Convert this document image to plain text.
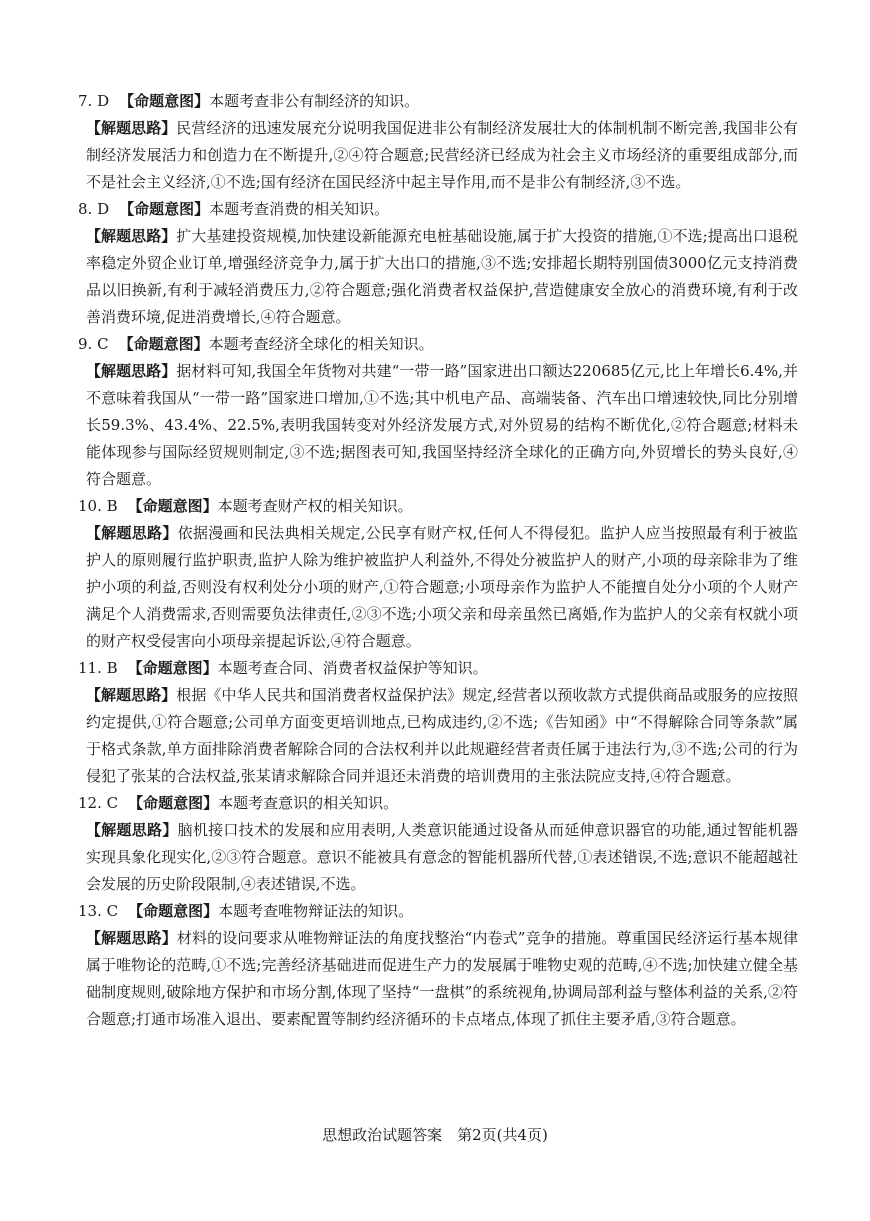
7. D 【命题意图】本题考查非公有制经济的知识。
【解题思路】民营经济的迅速发展充分说明我国促进非公有制经济发展壮大的体制机制不断完善,我国非公有制经济发展活力和创造力在不断提升,②④符合题意;民营经济已经成为社会主义市场经济的重要组成部分,而不是社会主义经济,①不选;国有经济在国民经济中起主导作用,而不是非公有制经济,③不选。
8. D 【命题意图】本题考查消费的相关知识。
【解题思路】扩大基建投资规模,加快建设新能源充电桩基础设施,属于扩大投资的措施,①不选;提高出口退税率稳定外贸企业订单,增强经济竞争力,属于扩大出口的措施,③不选;安排超长期特别国债3000亿元支持消费品以旧换新,有利于减轻消费压力,②符合题意;强化消费者权益保护,营造健康安全放心的消费环境,有利于改善消费环境,促进消费增长,④符合题意。
9. C 【命题意图】本题考查经济全球化的相关知识。
【解题思路】据材料可知,我国全年货物对共建“一带一路”国家进出口额达220685亿元,比上年增长6.4%,并不意味着我国从“一带一路”国家进口增加,①不选;其中机电产品、高端装备、汽车出口增速较快,同比分别增长59.3%、43.4%、22.5%,表明我国转变对外经济发展方式,对外贸易的结构不断优化,②符合题意;材料未能体现参与国际经贸规则制定,③不选;据图表可知,我国坚持经济全球化的正确方向,外贸增长的势头良好,④符合题意。
10. B 【命题意图】本题考查财产权的相关知识。
【解题思路】依据漫画和民法典相关规定,公民享有财产权,任何人不得侵犯。监护人应当按照最有利于被监护人的原则履行监护职责,监护人除为维护被监护人利益外,不得处分被监护人的财产,小项的母亲除非为了维护小项的利益,否则没有权利处分小项的财产,①符合题意;小项母亲作为监护人不能擅自处分小项的个人财产满足个人消费需求,否则需要负法律责任,②③不选;小项父亲和母亲虽然已离婚,作为监护人的父亲有权就小项的财产权受侵害向小项母亲提起诉讼,④符合题意。
11. B 【命题意图】本题考查合同、消费者权益保护等知识。
【解题思路】根据《中华人民共和国消费者权益保护法》规定,经营者以预收款方式提供商品或服务的应按照约定提供,①符合题意;公司单方面变更培训地点,已构成违约,②不选;《告知函》中“不得解除合同等条款”属于格式条款,单方面排除消费者解除合同的合法权利并以此规避经营者责任属于违法行为,③不选;公司的行为侵犯了张某的合法权益,张某请求解除合同并退还未消费的培训费用的主张法院应支持,④符合题意。
12. C 【命题意图】本题考查意识的相关知识。
【解题思路】脑机接口技术的发展和应用表明,人类意识能通过设备从而延伸意识器官的功能,通过智能机器实现具象化现实化,②③符合题意。意识不能被具有意念的智能机器所代替,①表述错误,不选;意识不能超越社会发展的历史阶段限制,④表述错误,不选。
13. C 【命题意图】本题考查唯物辩证法的知识。
【解题思路】材料的设问要求从唯物辩证法的角度找整治“内卷式”竞争的措施。尊重国民经济运行基本规律属于唯物论的范畴,①不选;完善经济基础进而促进生产力的发展属于唯物史观的范畴,④不选;加快建立健全基础制度规则,破除地方保护和市场分割,体现了坚持“一盘棋”的系统视角,协调局部利益与整体利益的关系,②符合题意;打通市场准入退出、要素配置等制约经济循环的卡点堵点,体现了抓住主要矛盾,③符合题意。
思想政治试题答案　第2页(共4页)
